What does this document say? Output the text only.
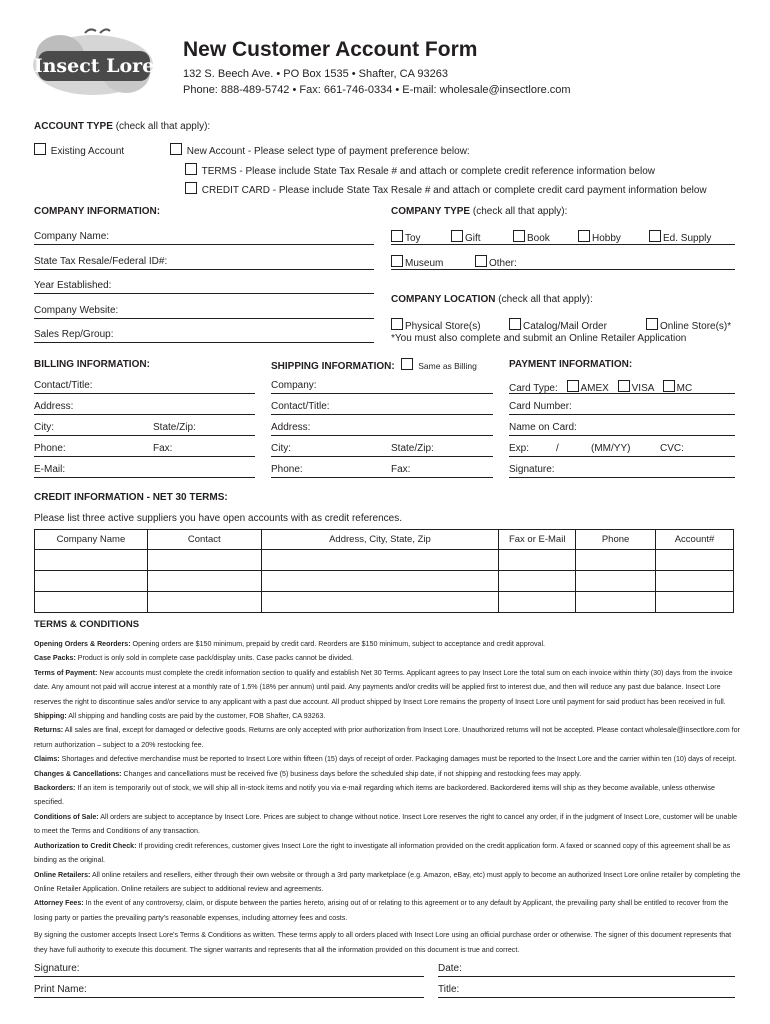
Insect Lore
New Customer Account Form
132 S. Beech Ave. • PO Box 1535 • Shafter, CA 93263
Phone: 888-489-5742 • Fax: 661-746-0334 • E-mail: wholesale@insectlore.com
ACCOUNT TYPE (check all that apply):
Existing Account	New Account - Please select type of payment preference below:
TERMS - Please include State Tax Resale # and attach or complete credit reference information below
CREDIT CARD - Please include State Tax Resale # and attach or complete credit card payment information below
COMPANY INFORMATION:
Company Name:
State Tax Resale/Federal ID#:
Year Established:
Company Website:
Sales Rep/Group:
COMPANY TYPE (check all that apply):
Toy	Gift	Book	Hobby	Ed. Supply
Museum	Other:
COMPANY LOCATION (check all that apply):
Physical Store(s)	Catalog/Mail Order	Online Store(s)*
*You must also complete and submit an Online Retailer Application
BILLING INFORMATION:	SHIPPING INFORMATION:	Same as Billing	PAYMENT INFORMATION:
Contact/Title:
Address:
City:	State/Zip:
Phone:	Fax:
E-Mail:
Company:
Contact/Title:
Address:
City:	State/Zip:
Phone:	Fax:
Card Type: AMEX VISA MC
Card Number:
Name on Card:
Exp:	/	(MM/YY)	CVC:
Signature:
CREDIT INFORMATION - NET 30 TERMS:
Please list three active suppliers you have open accounts with as credit references.
Company Name	Contact	Address, City, State, Zip	Fax or E-Mail	Phone	Account#

TERMS & CONDITIONS

Opening Orders & Reorders: Opening orders are $150 minimum, prepaid by credit card. Reorders are $150 minimum, subject to acceptance and credit approval.

Case Packs: Product is only sold in complete case pack/display units. Case packs cannot be divided.

Terms of Payment: New accounts must complete the credit information section to qualify and establish Net 30 Terms. Applicant agrees to pay Insect Lore the total sum on each invoice within thirty (30) days from the invoice date. Any amount not paid will accrue interest at a monthly rate of 1.5% (18% per annum) until paid. Any payments and/or credits will be applied first to interest due, and then will reduce any past due balance. Insect Lore reserves the right to discontinue sales and/or service to any applicant with a past due account. All product shipped by Insect Lore remains the property of Insect Lore until payment for said product has been received in full.

Shipping: All shipping and handling costs are paid by the customer, FOB Shafter, CA 93263.

Returns: All sales are final, except for damaged or defective goods. Returns are only accepted with prior authorization from Insect Lore. Unauthorized returns will not be accepted. Please contact wholesale@insectlore.com for return authorization – subject to a 20% restocking fee.

Claims: Shortages and defective merchandise must be reported to Insect Lore within fifteen (15) days of receipt of order. Packaging damages must be reported to the Insect Lore and the carrier within ten (10) days of receipt.

Changes & Cancellations: Changes and cancellations must be received five (5) business days before the scheduled ship date, if not shipping and restocking fees may apply.

Backorders: If an item is temporarily out of stock, we will ship all in-stock items and notify you via e-mail regarding which items are backordered. Backordered items will ship as they become available, unless otherwise specified.

Conditions of Sale: All orders are subject to acceptance by Insect Lore. Prices are subject to change without notice. Insect Lore reserves the right to cancel any order, if in the judgment of Insect Lore, customer will be unable to meet the Terms and Conditions of any transaction.

Authorization to Credit Check: If providing credit references, customer gives Insect Lore the right to investigate all information provided on the credit application form. A faxed or scanned copy of this agreement shall be as binding as the original.

Online Retailers: All online retailers and resellers, either through their own website or through a 3rd party marketplace (e.g. Amazon, eBay, etc) must apply to become an authorized Insect Lore online retailer by completing the Online Retailer Application. Online retailers are subject to additional review and agreements.

Attorney Fees: In the event of any controversy, claim, or dispute between the parties hereto, arising out of or relating to this agreement or to any default by Applicant, the prevailing party shall be entitled to recover from the losing party or parties the prevailing party's reasonable expenses, including attorney fees and costs.

By signing the customer accepts Insect Lore's Terms & Conditions as written. These terms apply to all orders placed with Insect Lore using an official purchase order or otherwise. The signer of this document represents that they have full authority to execute this document. The signer warrants and represents that all the information provided on this document is true and correct.

Signature:	Date:
Print Name:	Title:
